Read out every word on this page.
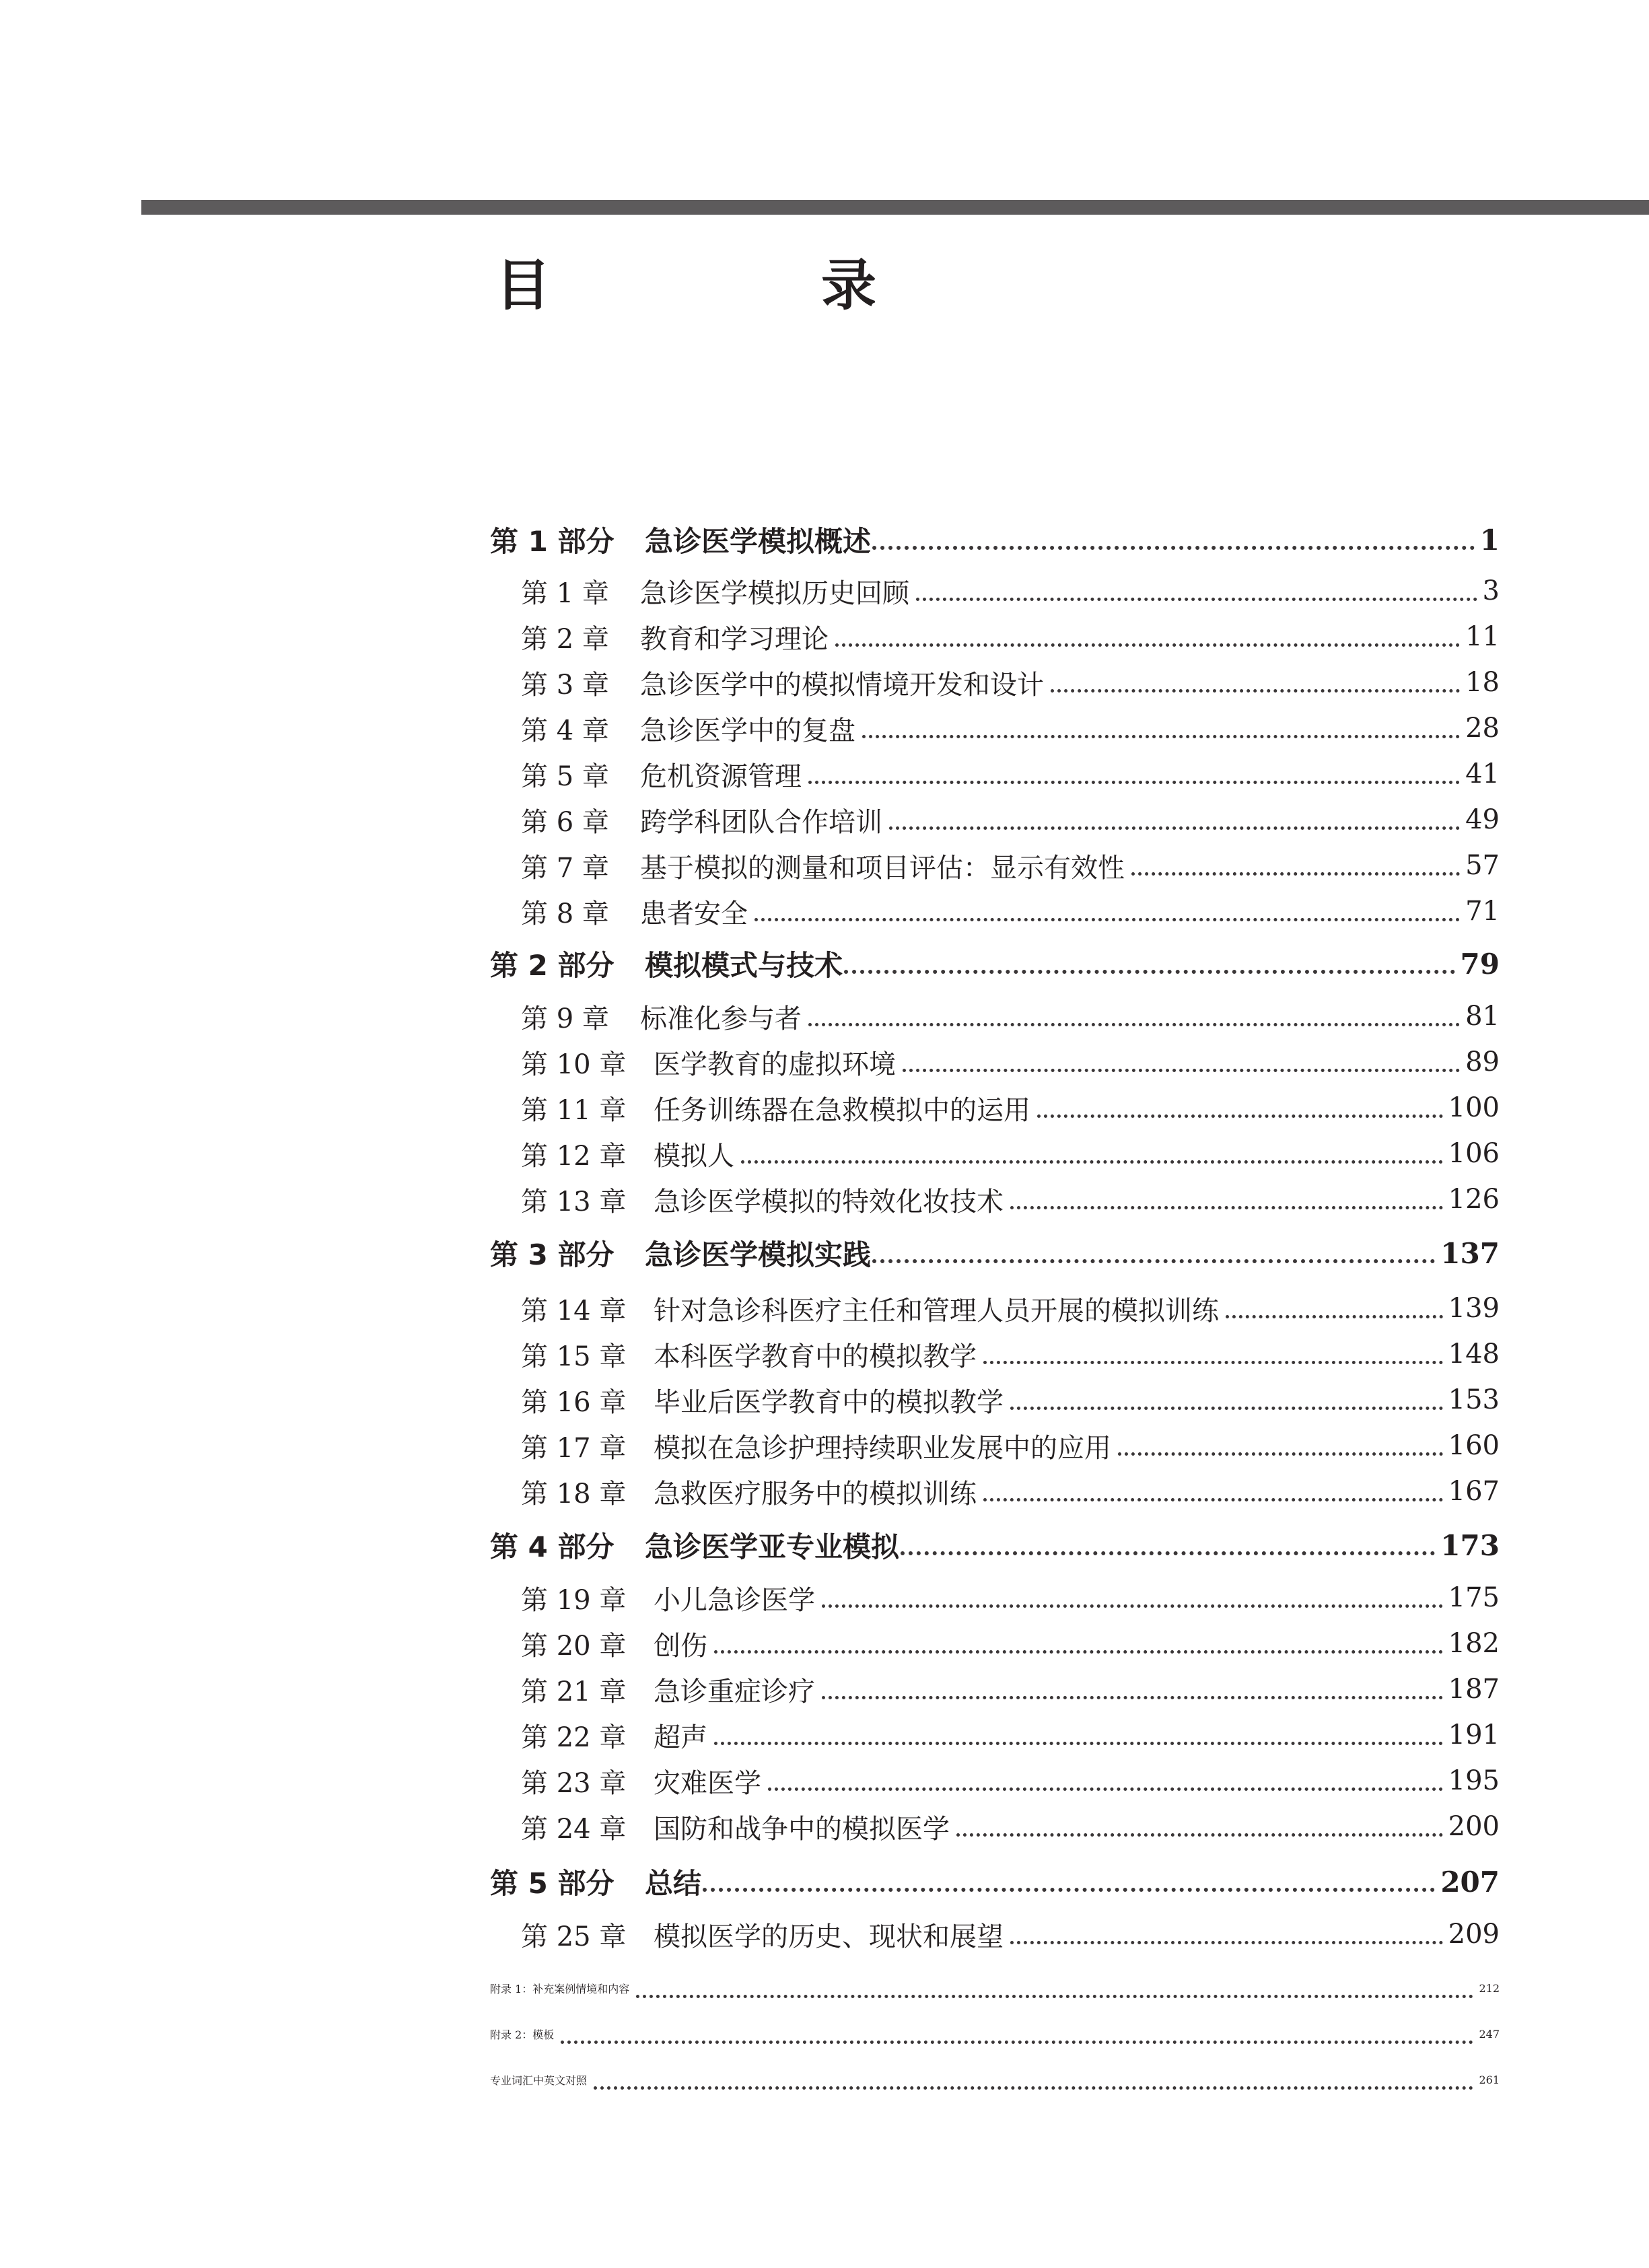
目　录
第 1 部分	急诊医学模拟概述	1
第 1 章	急诊医学模拟历史回顾	3
第 2 章	教育和学习理论	11
第 3 章	急诊医学中的模拟情境开发和设计	18
第 4 章	急诊医学中的复盘	28
第 5 章	危机资源管理	41
第 6 章	跨学科团队合作培训	49
第 7 章	基于模拟的测量和项目评估：显示有效性	57
第 8 章	患者安全	71
第 2 部分	模拟模式与技术	79
第 9 章	标准化参与者	81
第 10 章	医学教育的虚拟环境	89
第 11 章	任务训练器在急救模拟中的运用	100
第 12 章	模拟人	106
第 13 章	急诊医学模拟的特效化妆技术	126
第 3 部分	急诊医学模拟实践	137
第 14 章	针对急诊科医疗主任和管理人员开展的模拟训练	139
第 15 章	本科医学教育中的模拟教学	148
第 16 章	毕业后医学教育中的模拟教学	153
第 17 章	模拟在急诊护理持续职业发展中的应用	160
第 18 章	急救医疗服务中的模拟训练	167
第 4 部分	急诊医学亚专业模拟	173
第 19 章	小儿急诊医学	175
第 20 章	创伤	182
第 21 章	急诊重症诊疗	187
第 22 章	超声	191
第 23 章	灾难医学	195
第 24 章	国防和战争中的模拟医学	200
第 5 部分	总结	207
第 25 章	模拟医学的历史、现状和展望	209
附录 1：补充案例情境和内容	212
附录 2：模板	247
专业词汇中英文对照	261
